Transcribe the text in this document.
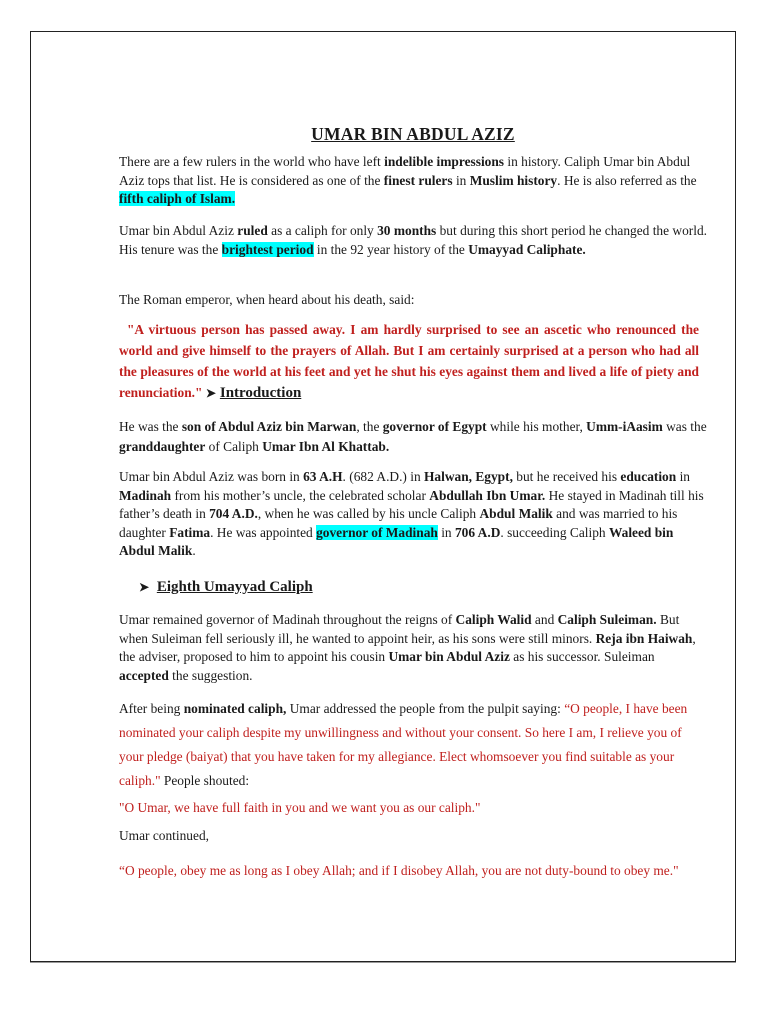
UMAR BIN ABDUL AZIZ

There are a few rulers in the world who have left indelible impressions in history. Caliph Umar bin Abdul Aziz tops that list. He is considered as one of the finest rulers in Muslim history. He is also referred as the fifth caliph of Islam.

Umar bin Abdul Aziz ruled as a caliph for only 30 months but during this short period he changed the world. His tenure was the brightest period in the 92 year history of the Umayyad Caliphate.

The Roman emperor, when heard about his death, said:

"A virtuous person has passed away. I am hardly surprised to see an ascetic who renounced the world and give himself to the prayers of Allah. But I am certainly surprised at a person who had all the pleasures of the world at his feet and yet he shut his eyes against them and lived a life of piety and renunciation." ➤ Introduction

He was the son of Abdul Aziz bin Marwan, the governor of Egypt while his mother, Umm-iAasim was the granddaughter of Caliph Umar Ibn Al Khattab.

Umar bin Abdul Aziz was born in 63 A.H. (682 A.D.) in Halwan, Egypt, but he received his education in Madinah from his mother’s uncle, the celebrated scholar Abdullah Ibn Umar. He stayed in Madinah till his father’s death in 704 A.D., when he was called by his uncle Caliph Abdul Malik and was married to his daughter Fatima. He was appointed governor of Madinah in 706 A.D. succeeding Caliph Waleed bin Abdul Malik.

➤ Eighth Umayyad Caliph

Umar remained governor of Madinah throughout the reigns of Caliph Walid and Caliph Suleiman. But when Suleiman fell seriously ill, he wanted to appoint heir, as his sons were still minors. Reja ibn Haiwah, the adviser, proposed to him to appoint his cousin Umar bin Abdul Aziz as his successor. Suleiman accepted the suggestion.

After being nominated caliph, Umar addressed the people from the pulpit saying: “O people, I have been nominated your caliph despite my unwillingness and without your consent. So here I am, I relieve you of your pledge (baiyat) that you have taken for my allegiance. Elect whomsoever you find suitable as your caliph." People shouted:

"O Umar, we have full faith in you and we want you as our caliph."

Umar continued,

“O people, obey me as long as I obey Allah; and if I disobey Allah, you are not duty-bound to obey me."
